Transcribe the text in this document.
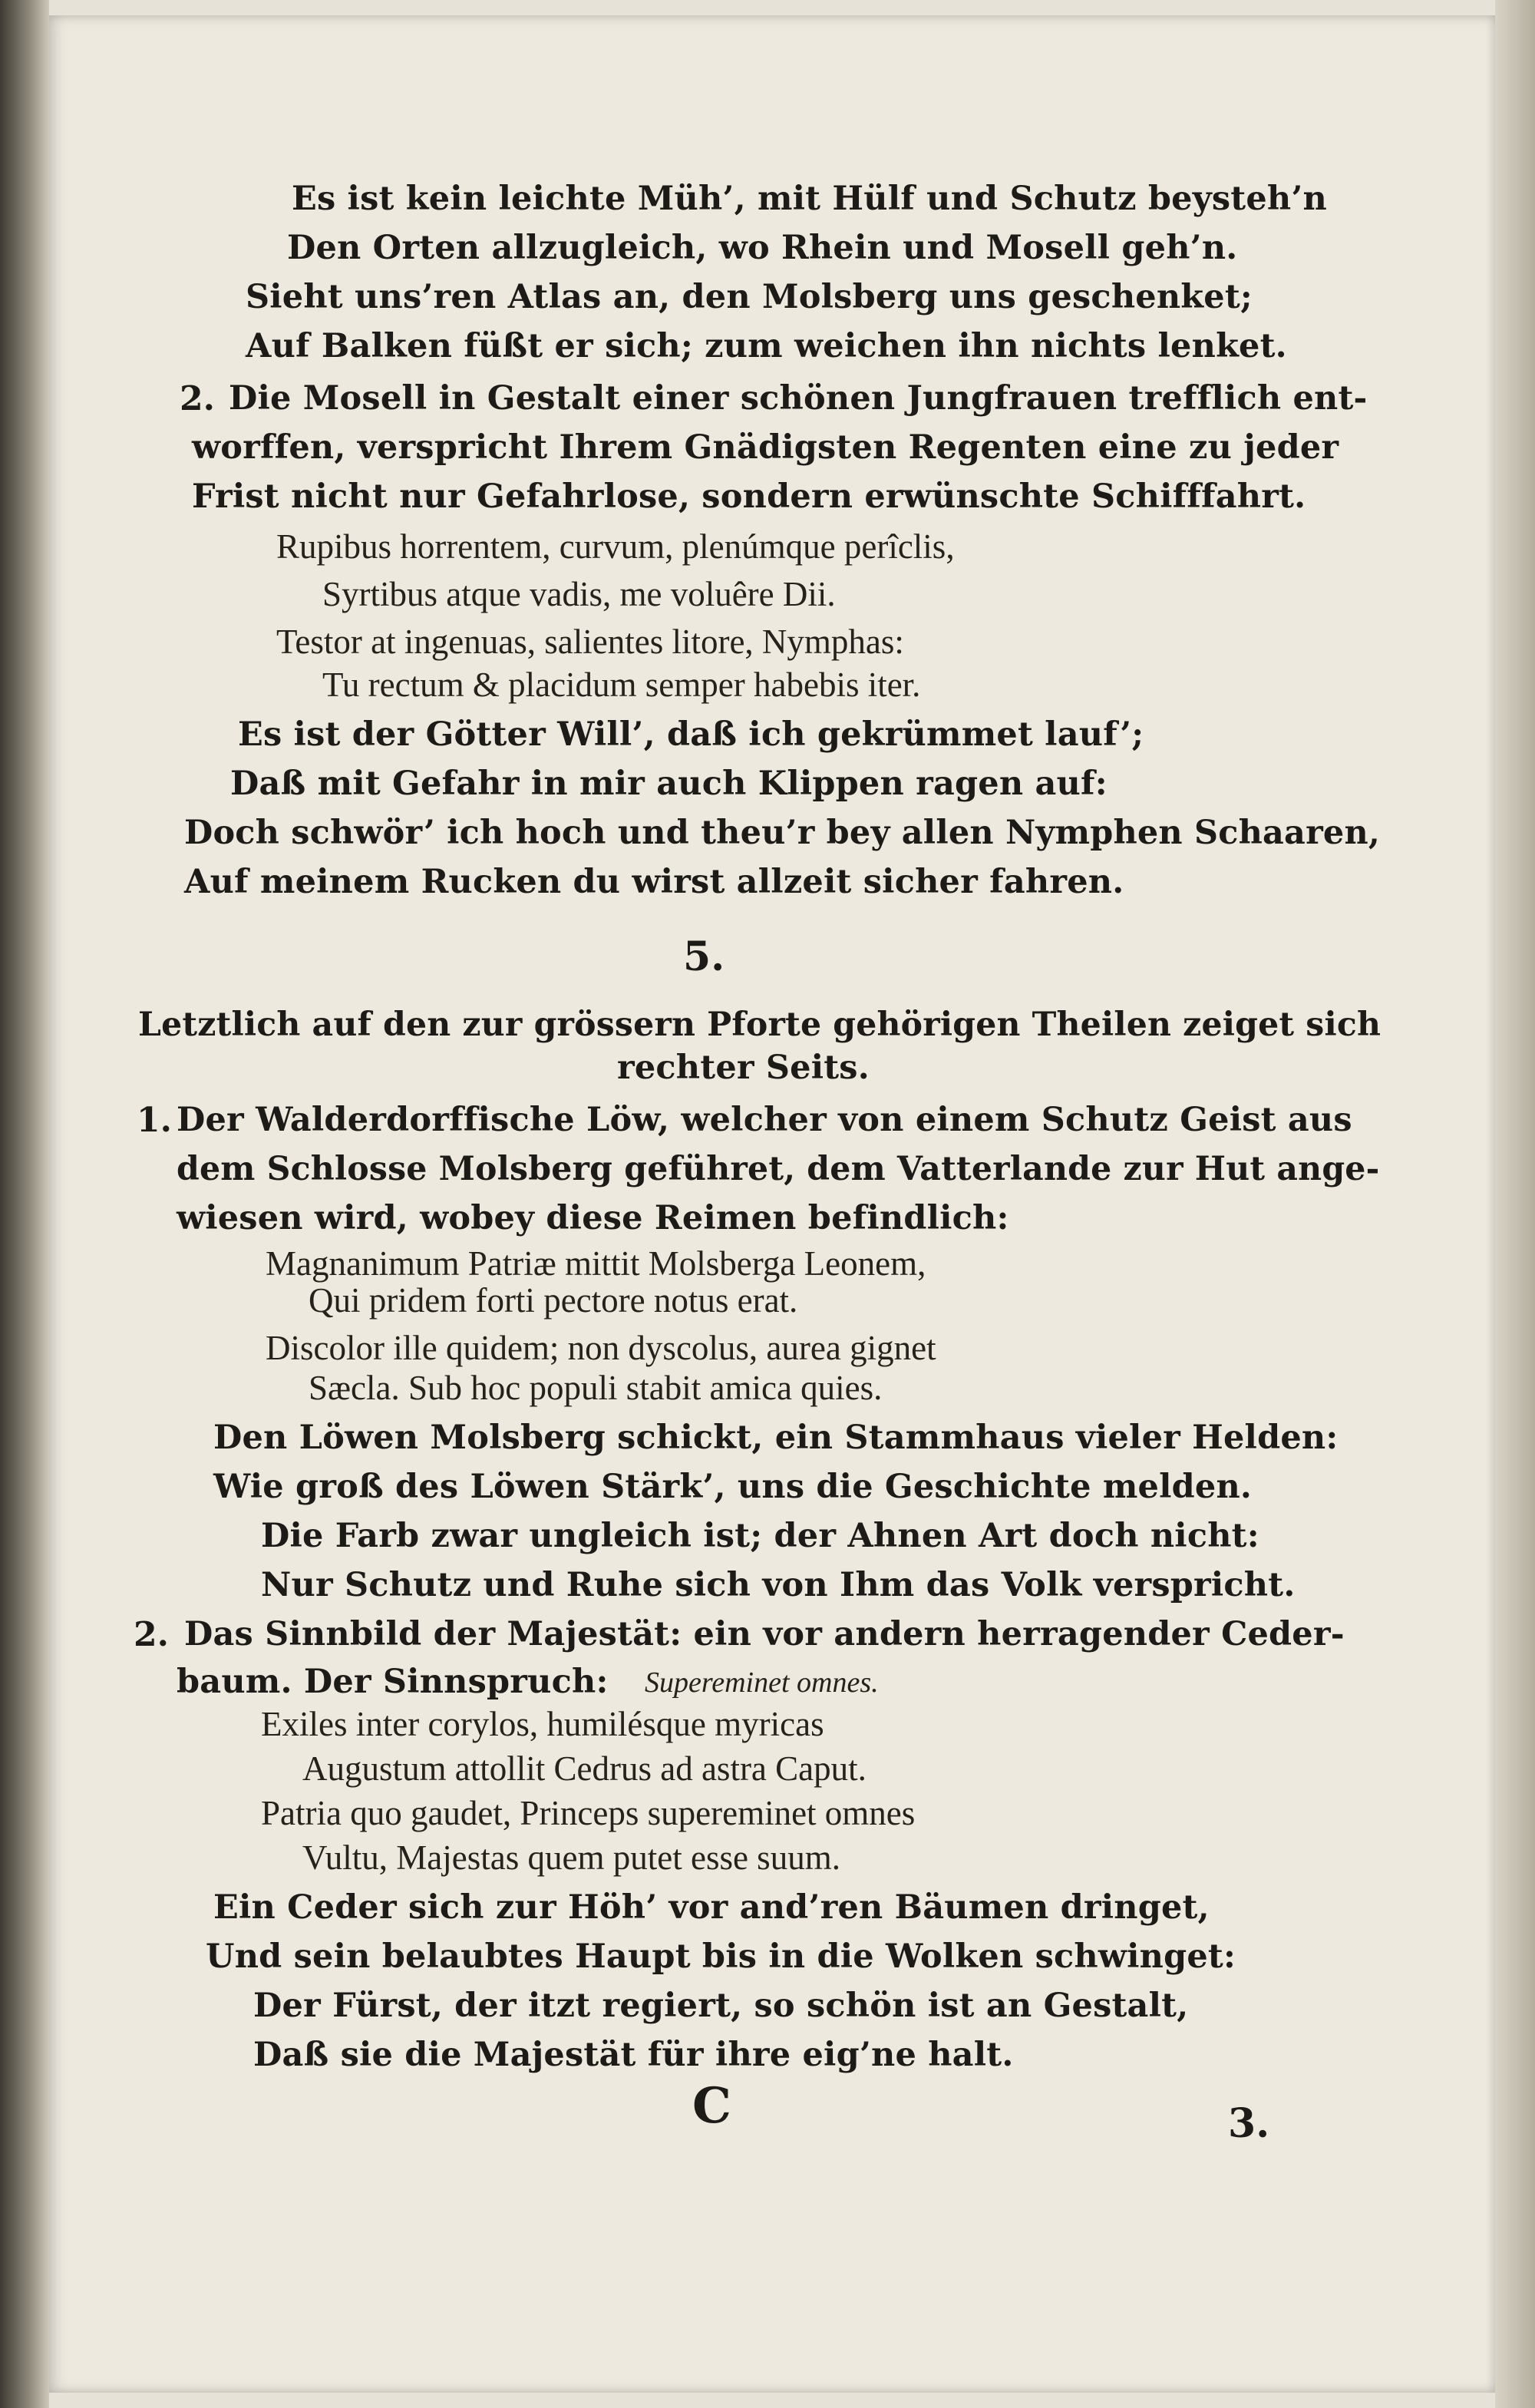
Es ist kein leichte Müh’, mit Hülf und Schutz beysteh’n
Den Orten allzugleich, wo Rhein und Mosell geh’n.
Sieht uns’ren Atlas an, den Molsberg uns geschenket;
Auf Balken füßt er sich; zum weichen ihn nichts lenket.
2. Die Mosell in Gestalt einer schönen Jungfrauen trefflich ent-
worffen, verspricht Ihrem Gnädigsten Regenten eine zu jeder
Frist nicht nur Gefahrlose, sondern erwünschte Schifffahrt.
Rupibus horrentem, curvum, plenúmque perîclis,
Syrtibus atque vadis, me voluêre Dii.
Testor at ingenuas, salientes litore, Nymphas:
Tu rectum & placidum semper habebis iter.
Es ist der Götter Will’, daß ich gekrümmet lauf’;
Daß mit Gefahr in mir auch Klippen ragen auf:
Doch schwör’ ich hoch und theu’r bey allen Nymphen Schaaren,
Auf meinem Rucken du wirst allzeit sicher fahren.
5.
Letztlich auf den zur grössern Pforte gehörigen Theilen zeiget sich
rechter Seits.
1. Der Walderdorffische Löw, welcher von einem Schutz Geist aus
dem Schlosse Molsberg geführet, dem Vatterlande zur Hut ange-
wiesen wird, wobey diese Reimen befindlich:
Magnanimum Patriæ mittit Molsberga Leonem,
Qui pridem forti pectore notus erat.
Discolor ille quidem; non dyscolus, aurea gignet
Sæcla. Sub hoc populi stabit amica quies.
Den Löwen Molsberg schickt, ein Stammhaus vieler Helden:
Wie groß des Löwen Stärk’, uns die Geschichte melden.
Die Farb zwar ungleich ist; der Ahnen Art doch nicht:
Nur Schutz und Ruhe sich von Ihm das Volk verspricht.
2. Das Sinnbild der Majestät: ein vor andern herragender Ceder-
baum. Der Sinnspruch: Supereminet omnes.
Exiles inter corylos, humilésque myricas
Augustum attollit Cedrus ad astra Caput.
Patria quo gaudet, Princeps supereminet omnes
Vultu, Majestas quem putet esse suum.
Ein Ceder sich zur Höh’ vor and’ren Bäumen dringet,
Und sein belaubtes Haupt bis in die Wolken schwinget:
Der Fürst, der itzt regiert, so schön ist an Gestalt,
Daß sie die Majestät für ihre eig’ne halt.
C	3.
